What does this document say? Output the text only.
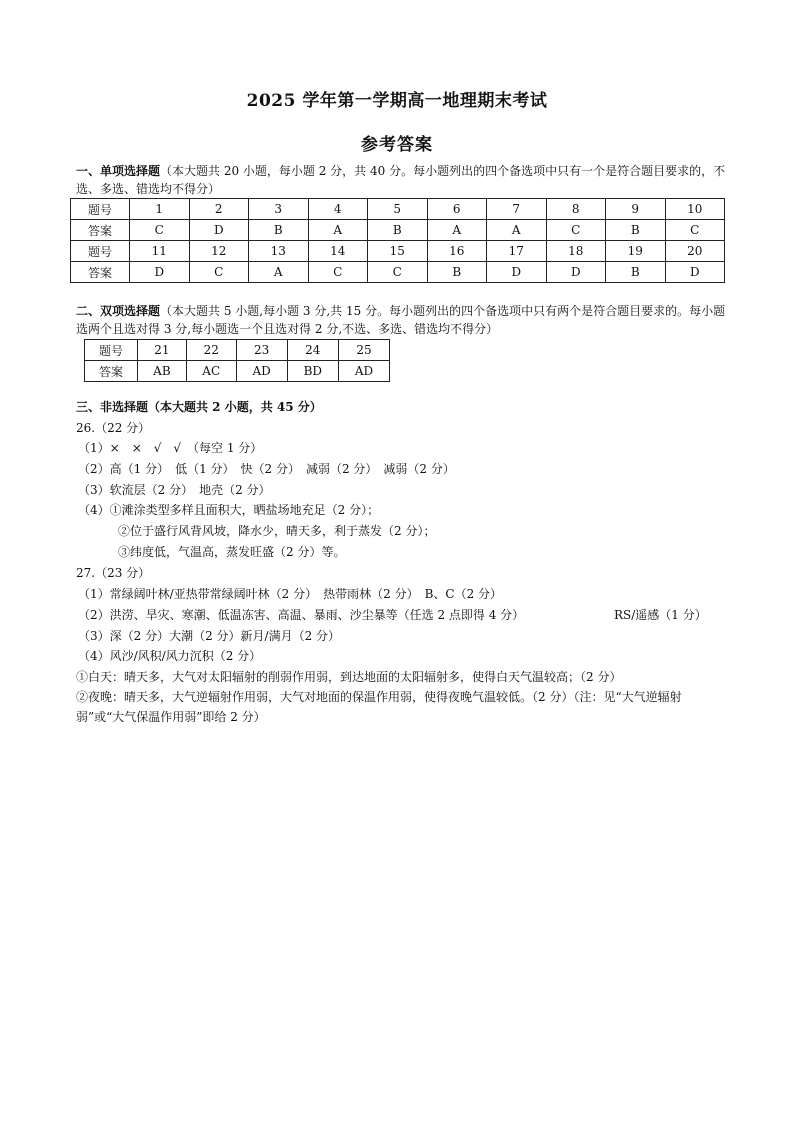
2025 学年第一学期高一地理期末考试
参考答案
一、单项选择题（本大题共 20 小题，每小题 2 分，共 40 分。每小题列出的四个备选项中只有一个是符合题目要求的，不选、多选、错选均不得分）
题号	1	2	3	4	5	6	7	8	9	10
答案	C	D	B	A	B	A	A	C	B	C
题号	11	12	13	14	15	16	17	18	19	20
答案	D	C	A	C	C	B	D	D	B	D
二、双项选择题（本大题共 5 小题,每小题 3 分,共 15 分。每小题列出的四个备选项中只有两个是符合题目要求的。每小题选两个且选对得 3 分,每小题选一个且选对得 2 分,不选、多选、错选均不得分）
题号	21	22	23	24	25
答案	AB	AC	AD	BD	AD
三、非选择题（本大题共 2 小题，共 45 分）
26.（22 分）
（1）×　×　√　√　（每空 1 分）
（2）高（1 分）　低（1 分）　快（2 分）　减弱（2 分）　减弱（2 分）
（3）软流层（2 分）　地壳（2 分）
（4）①滩涂类型多样且面积大，晒盐场地充足（2 分）；
②位于盛行风背风坡，降水少，晴天多，利于蒸发（2 分）；
③纬度低，气温高，蒸发旺盛（2 分）等。
27.（23 分）
（1）常绿阔叶林/亚热带常绿阔叶林（2 分）　热带雨林（2 分）　B、C（2 分）
（2）洪涝、旱灾、寒潮、低温冻害、高温、暴雨、沙尘暴等（任选 2 点即得 4 分）	RS/遥感（1 分）
（3）深（2 分）大潮（2 分）新月/满月（2 分）
（4）风沙/风积/风力沉积（2 分）
①白天：晴天多，大气对太阳辐射的削弱作用弱，到达地面的太阳辐射多，使得白天气温较高；（2 分）
②夜晚：晴天多，大气逆辐射作用弱，大气对地面的保温作用弱，使得夜晚气温较低。（2 分）（注：见“大气逆辐射弱”或“大气保温作用弱”即给 2 分）
